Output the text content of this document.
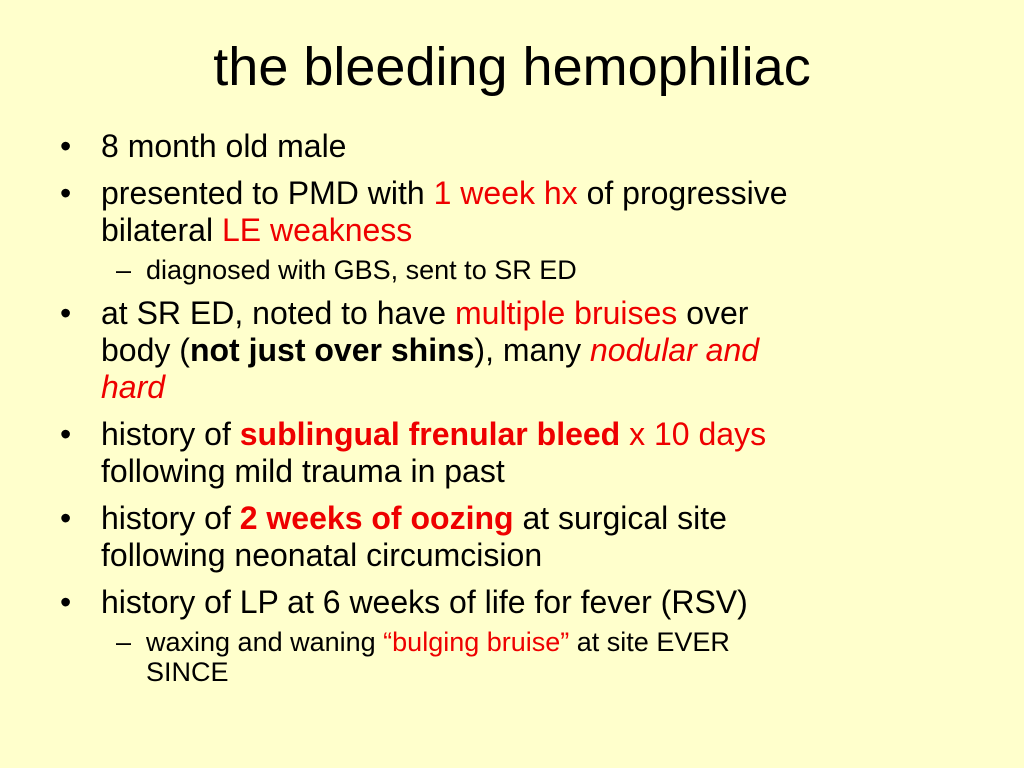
the bleeding hemophiliac
• 8 month old male
• presented to PMD with 1 week hx of progressive
bilateral LE weakness
– diagnosed with GBS, sent to SR ED
• at SR ED, noted to have multiple bruises over
body (not just over shins), many nodular and
hard
• history of sublingual frenular bleed x 10 days
following mild trauma in past
• history of 2 weeks of oozing at surgical site
following neonatal circumcision
• history of LP at 6 weeks of life for fever (RSV)
– waxing and waning “bulging bruise” at site EVER
SINCE
